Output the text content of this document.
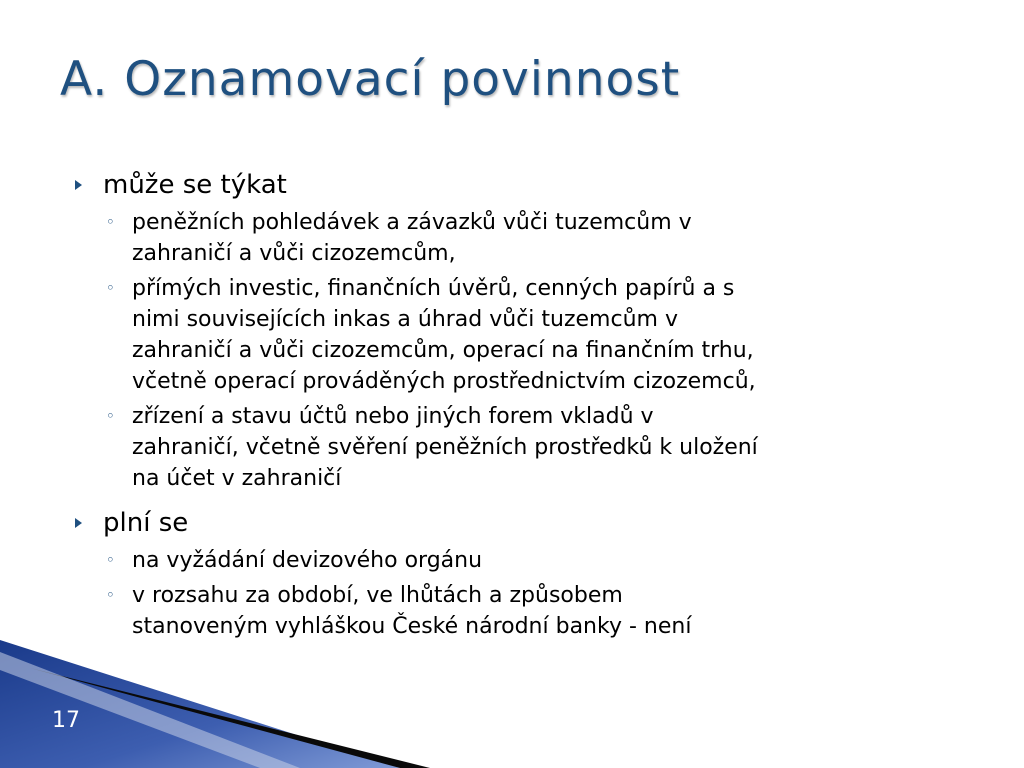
A. Oznamovací povinnost
může se týkat
◦ peněžních pohledávek a závazků vůči tuzemcům v
zahraničí a vůči cizozemcům,
◦ přímých investic, finančních úvěrů, cenných papírů a s
nimi souvisejících inkas a úhrad vůči tuzemcům v
zahraničí a vůči cizozemcům, operací na finančním trhu,
včetně operací prováděných prostřednictvím cizozemců,
◦ zřízení a stavu účtů nebo jiných forem vkladů v
zahraničí, včetně svěření peněžních prostředků k uložení
na účet v zahraničí
plní se
◦ na vyžádání devizového orgánu
◦ v rozsahu za období, ve lhůtách a způsobem
stanoveným vyhláškou České národní banky - není
17
